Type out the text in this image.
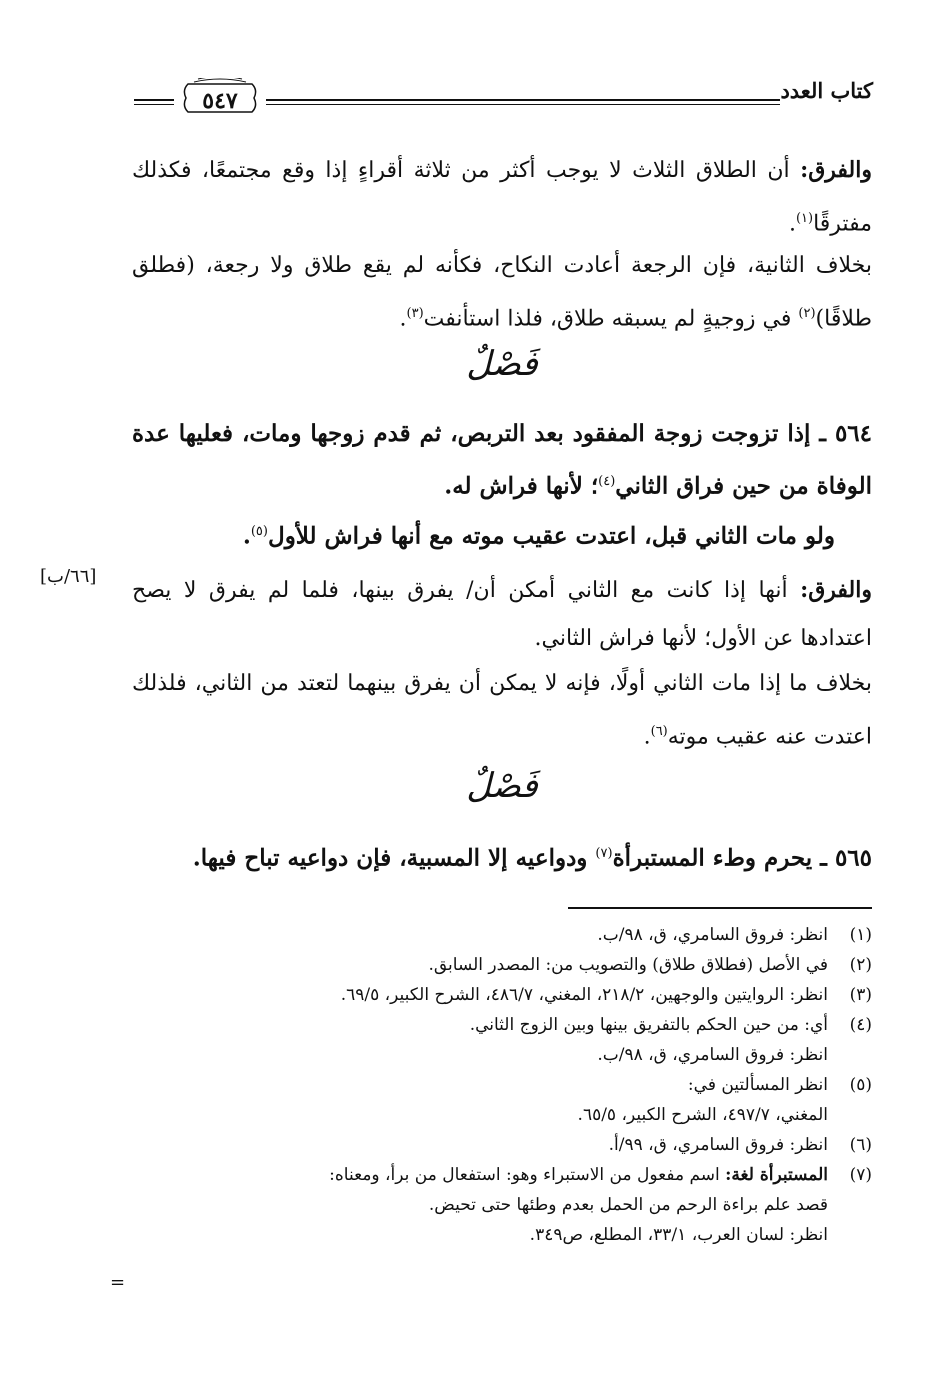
كتاب العدد
٥٤٧
والفرق: أن الطلاق الثلاث لا يوجب أكثر من ثلاثة أقراءٍ إذا وقع مجتمعًا، فكذلك مفترقًا$^{(١)}$.
بخلاف الثانية، فإن الرجعة أعادت النكاح، فكأنه لم يقع طلاق ولا رجعة، (فطلق طلاقًا)$^{(٢)}$ في زوجيةٍ لم يسبقه طلاق، فلذا استأنفت$^{(٣)}$.
فَصْلٌ
٥٦٤ ـ إذا تزوجت زوجة المفقود بعد التربص، ثم قدم زوجها ومات، فعليها عدة الوفاة من حين فراق الثاني$^{(٤)}$؛ لأنها فراش له.
ولو مات الثاني قبل، اعتدت عقيب موته مع أنها فراش للأول$^{(٥)}$.
[٦٦/ب]
والفرق: أنها إذا كانت مع الثاني أمكن أن/ يفرق بينها، فلما لم يفرق لا يصح اعتدادها عن الأول؛ لأنها فراش الثاني.
بخلاف ما إذا مات الثاني أولًا، فإنه لا يمكن أن يفرق بينهما لتعتد من الثاني، فلذلك اعتدت عنه عقيب موته$^{(٦)}$.
فَصْلٌ
٥٦٥ ـ يحرم وطء المستبرأة$^{(٧)}$ ودواعيه إلا المسبية، فإن دواعيه تباح فيها.
(١)
انظر: فروق السامري، ق، ٩٨/ب.
(٢)
في الأصل (فطلاق طلاق) والتصويب من: المصدر السابق.
(٣)
انظر: الروايتين والوجهين، ٢١٨/٢، المغني، ٤٨٦/٧، الشرح الكبير، ٦٩/٥.
(٤)
أي: من حين الحكم بالتفريق بينها وبين الزوج الثاني.
انظر: فروق السامري، ق، ٩٨/ب.
(٥)
انظر المسألتين في:
المغني، ٤٩٧/٧، الشرح الكبير، ٦٥/٥.
(٦)
انظر: فروق السامري، ق، ٩٩/أ.
(٧)
المستبرأة لغة: اسم مفعول من الاستبراء وهو: استفعال من برأ، ومعناه:
قصد علم براءة الرحم من الحمل بعدم وطئها حتى تحيض.
انظر: لسان العرب، ٣٣/١، المطلع، ص٣٤٩.
=
